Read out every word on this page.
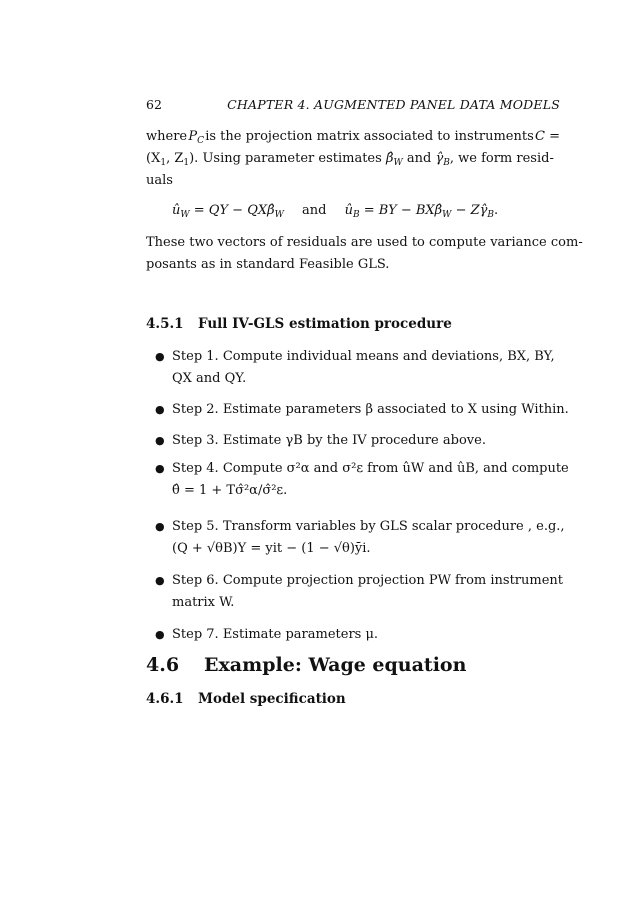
62	CHAPTER 4. AUGMENTED PANEL DATA MODELS
where $P_C$ is the projection matrix associated to instruments C =
($X_1$, $Z_1$). Using parameter estimates $\betâ_W$ and $\gammâ_B$, we form resid-
uals
$û_W$ = QY − $QX\betâ_W$ and $û_B$ = BY − $BX\betâ_W$ − $Z\gammâ_B$.
These two vectors of residuals are used to compute variance com-
posants as in standard Feasible GLS.
4.5.1 Full IV-GLS estimation procedure
● Step 1. Compute individual means and deviations, BX, BY,
QX and QY.
● Step 2. Estimate parameters β associated to X using Within.
● Step 3. Estimate γB by the IV procedure above.
● Step 4. Compute σ²α and σ²ε from ûW and ûB, and compute
θ̂ = 1 + Tσ̂²α/σ̂²ε.
● Step 5. Transform variables by GLS scalar procedure , e.g.,
(Q + √θB)Y = yit − (1 − √θ)ȳi.
● Step 6. Compute projection projection PW from instrument
matrix W.
● Step 7. Estimate parameters μ.
4.6 Example: Wage equation
4.6.1 Model specification
